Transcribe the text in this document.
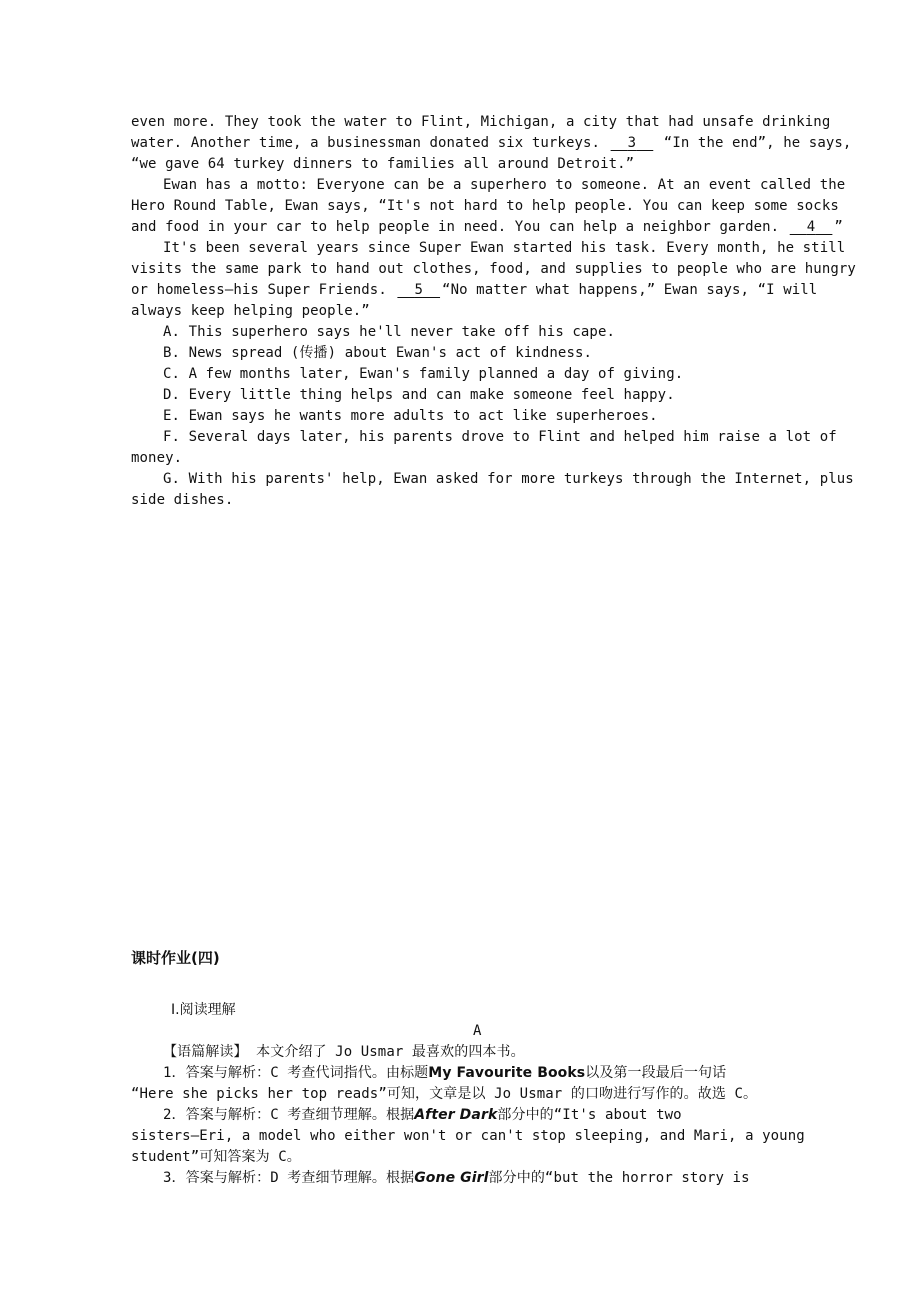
even more. They took the water to Flint, Michigan, a city that had unsafe drinking
water. Another time, a businessman donated six turkeys.   3 “In the end”, he says,
“we gave 64 turkey dinners to families all around Detroit.”
Ewan has a motto: Everyone can be a superhero to someone. At an event called the
Hero Round Table, Ewan says, “It's not hard to help people. You can keep some socks
and food in your car to help people in need. You can help a neighbor garden.   4 ”
It's been several years since Super Ewan started his task. Every month, he still
visits the same park to hand out clothes, food, and supplies to people who are hungry
or homeless—his Super Friends.   5 “No matter what happens,” Ewan says, “I will
always keep helping people.”
A. This superhero says he'll never take off his cape.
B. News spread (传播) about Ewan's act of kindness.
C. A few months later, Ewan's family planned a day of giving.
D. Every little thing helps and can make someone feel happy.
E. Ewan says he wants more adults to act like superheroes.
F. Several days later, his parents drove to Flint and helped him raise a lot of
money.
G. With his parents' help, Ewan asked for more turkeys through the Internet, plus
side dishes.
课时作业(四)
Ⅰ.阅读理解
A
【语篇解读】 本文介绍了 Jo Usmar 最喜欢的四本书。
1．答案与解析：C 考查代词指代。由标题My Favourite Books以及第一段最后一句话
“Here she picks her top reads”可知，文章是以 Jo Usmar 的口吻进行写作的。故选 C。
2．答案与解析：C 考查细节理解。根据After Dark部分中的“It's about two
sisters—Eri, a model who either won't or can't stop sleeping, and Mari, a young
student”可知答案为 C。
3．答案与解析：D 考查细节理解。根据Gone Girl部分中的“but the horror story is
